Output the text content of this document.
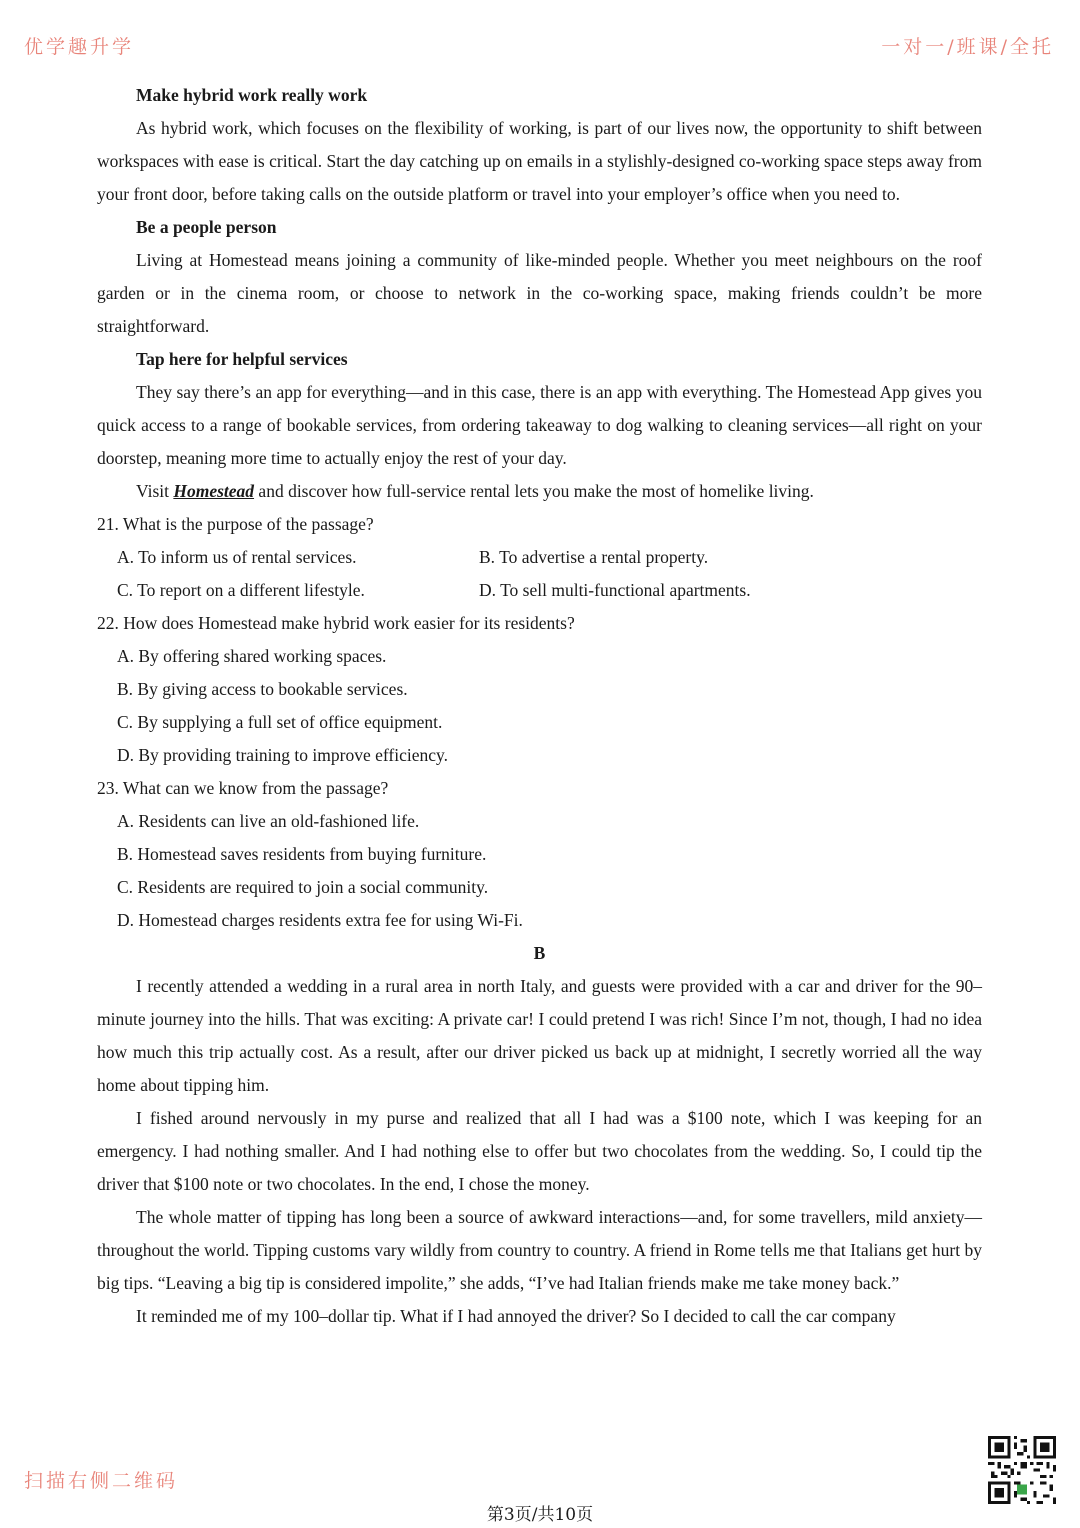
优学趣升学	一对一/班课/全托

Make hybrid work really work

As hybrid work, which focuses on the flexibility of working, is part of our lives now, the opportunity to shift between workspaces with ease is critical. Start the day catching up on emails in a stylishly-designed co-working space steps away from your front door, before taking calls on the outside platform or travel into your employer’s office when you need to.

Be a people person

Living at Homestead means joining a community of like-minded people. Whether you meet neighbours on the roof garden or in the cinema room, or choose to network in the co-working space, making friends couldn’t be more straightforward.

Tap here for helpful services

They say there’s an app for everything—and in this case, there is an app with everything. The Homestead App gives you quick access to a range of bookable services, from ordering takeaway to dog walking to cleaning services—all right on your doorstep, meaning more time to actually enjoy the rest of your day.

Visit Homestead and discover how full-service rental lets you make the most of homelike living.

21. What is the purpose of the passage?

A. To inform us of rental services.	B. To advertise a rental property.
C. To report on a different lifestyle.	D. To sell multi-functional apartments.

22. How does Homestead make hybrid work easier for its residents?

A. By offering shared working spaces.

B. By giving access to bookable services.

C. By supplying a full set of office equipment.

D. By providing training to improve efficiency.

23. What can we know from the passage?

A. Residents can live an old-fashioned life.

B. Homestead saves residents from buying furniture.

C. Residents are required to join a social community.

D. Homestead charges residents extra fee for using Wi-Fi.

B

I recently attended a wedding in a rural area in north Italy, and guests were provided with a car and driver for the 90–minute journey into the hills. That was exciting: A private car! I could pretend I was rich! Since I’m not, though, I had no idea how much this trip actually cost. As a result, after our driver picked us back up at midnight, I secretly worried all the way home about tipping him.

I fished around nervously in my purse and realized that all I had was a $100 note, which I was keeping for an emergency. I had nothing smaller. And I had nothing else to offer but two chocolates from the wedding. So, I could tip the driver that $100 note or two chocolates. In the end, I chose the money.

The whole matter of tipping has long been a source of awkward interactions—and, for some travellers, mild anxiety—throughout the world. Tipping customs vary wildly from country to country. A friend in Rome tells me that Italians get hurt by big tips. “Leaving a big tip is considered impolite,” she adds, “I’ve had Italian friends make me take money back.”

It reminded me of my 100–dollar tip. What if I had annoyed the driver? So I decided to call the car company

扫描右侧二维码
第3页/共10页
